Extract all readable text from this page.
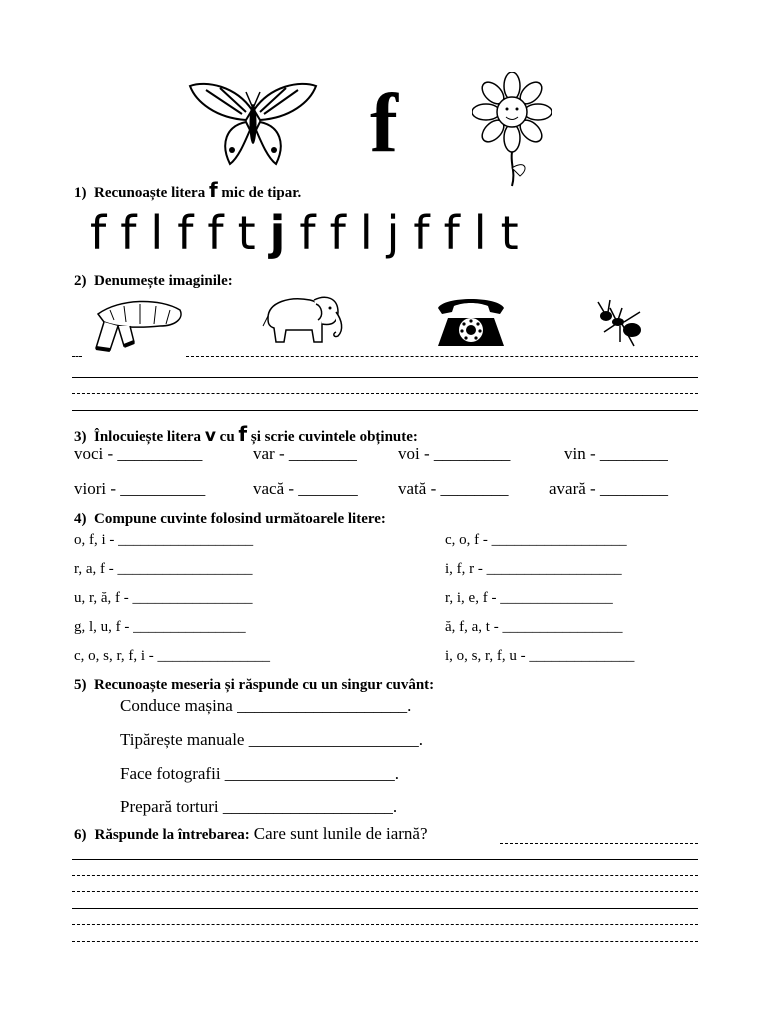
f
1) Recunoaște litera f mic de tipar.
f f l f f t j f f l j f f l t
2) Denumește imaginile:
3) Înlocuiește litera v cu f și scrie cuvintele obținute:
voci - __________	var - ________ voi - _________	vin - ________
viori - __________	vacă - _______ vată - ________ avară - ________
4) Compune cuvinte folosind următoarele litere:
o, f, i - __________________
r, a, f - __________________
u, r, ă, f - ________________
g, l, u, f - _______________
c, o, s, r, f, i - _______________
c, o, f - __________________
i, f, r - __________________
r, i, e, f - _______________
ă, f, a, t - ________________
i, o, s, r, f, u - ______________
5) Recunoaște meseria și răspunde cu un singur cuvânt:
Conduce mașina ____________________.
Tipărește manuale ____________________.
Face fotografii ____________________.
Prepară torturi ____________________.
6) Răspunde la întrebarea: Care sunt lunile de iarnă?
